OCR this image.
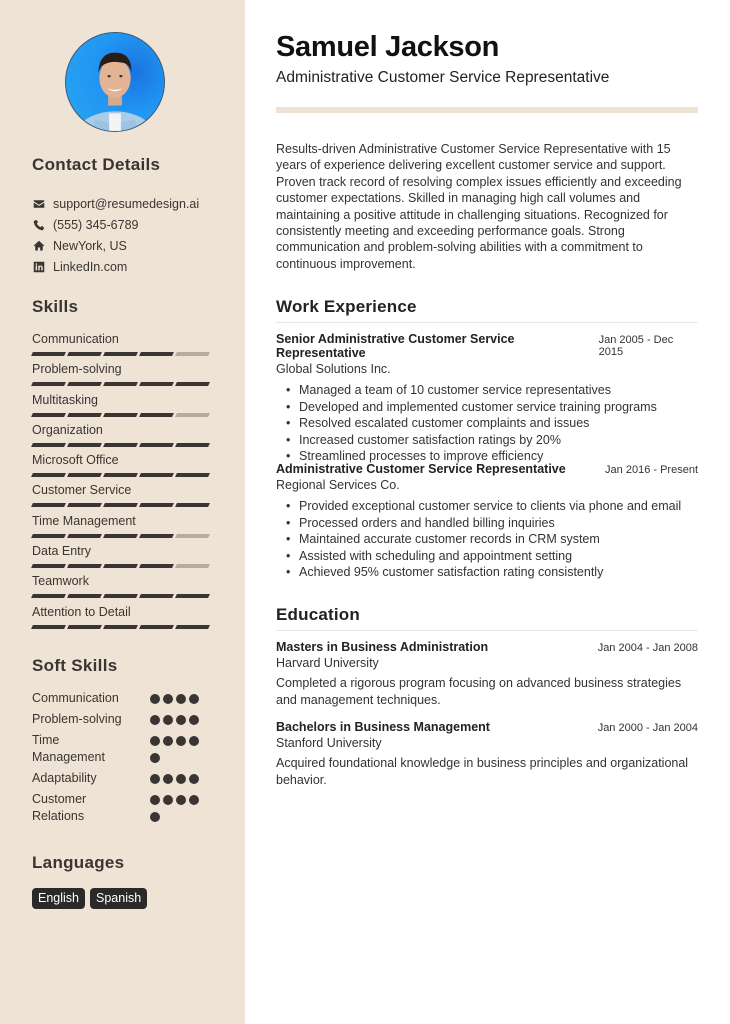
Contact Details
support@resumedesign.ai
(555) 345-6789
NewYork, US
LinkedIn.com
Skills
Communication
Problem-solving
Multitasking
Organization
Microsoft Office
Customer Service
Time Management
Data Entry
Teamwork
Attention to Detail
Soft Skills
Communication
Problem-solving
Time Management
Adaptability
Customer Relations
Languages
English	Spanish
Samuel Jackson
Administrative Customer Service Representative
Results-driven Administrative Customer Service Representative with 15 years of experience delivering excellent customer service and support. Proven track record of resolving complex issues efficiently and exceeding customer expectations. Skilled in managing high call volumes and maintaining a positive attitude in challenging situations. Recognized for consistently meeting and exceeding performance goals. Strong communication and problem-solving abilities with a commitment to continuous improvement.
Work Experience
Senior Administrative Customer Service Representative
Jan 2005 - Dec 2015
Global Solutions Inc.
• Managed a team of 10 customer service representatives
• Developed and implemented customer service training programs
• Resolved escalated customer complaints and issues
• Increased customer satisfaction ratings by 20%
• Streamlined processes to improve efficiency
Administrative Customer Service Representative	Jan 2016 - Present
Regional Services Co.
• Provided exceptional customer service to clients via phone and email
• Processed orders and handled billing inquiries
• Maintained accurate customer records in CRM system
• Assisted with scheduling and appointment setting
• Achieved 95% customer satisfaction rating consistently
Education
Masters in Business Administration	Jan 2004 - Jan 2008
Harvard University
Completed a rigorous program focusing on advanced business strategies and management techniques.
Bachelors in Business Management	Jan 2000 - Jan 2004
Stanford University
Acquired foundational knowledge in business principles and organizational behavior.
